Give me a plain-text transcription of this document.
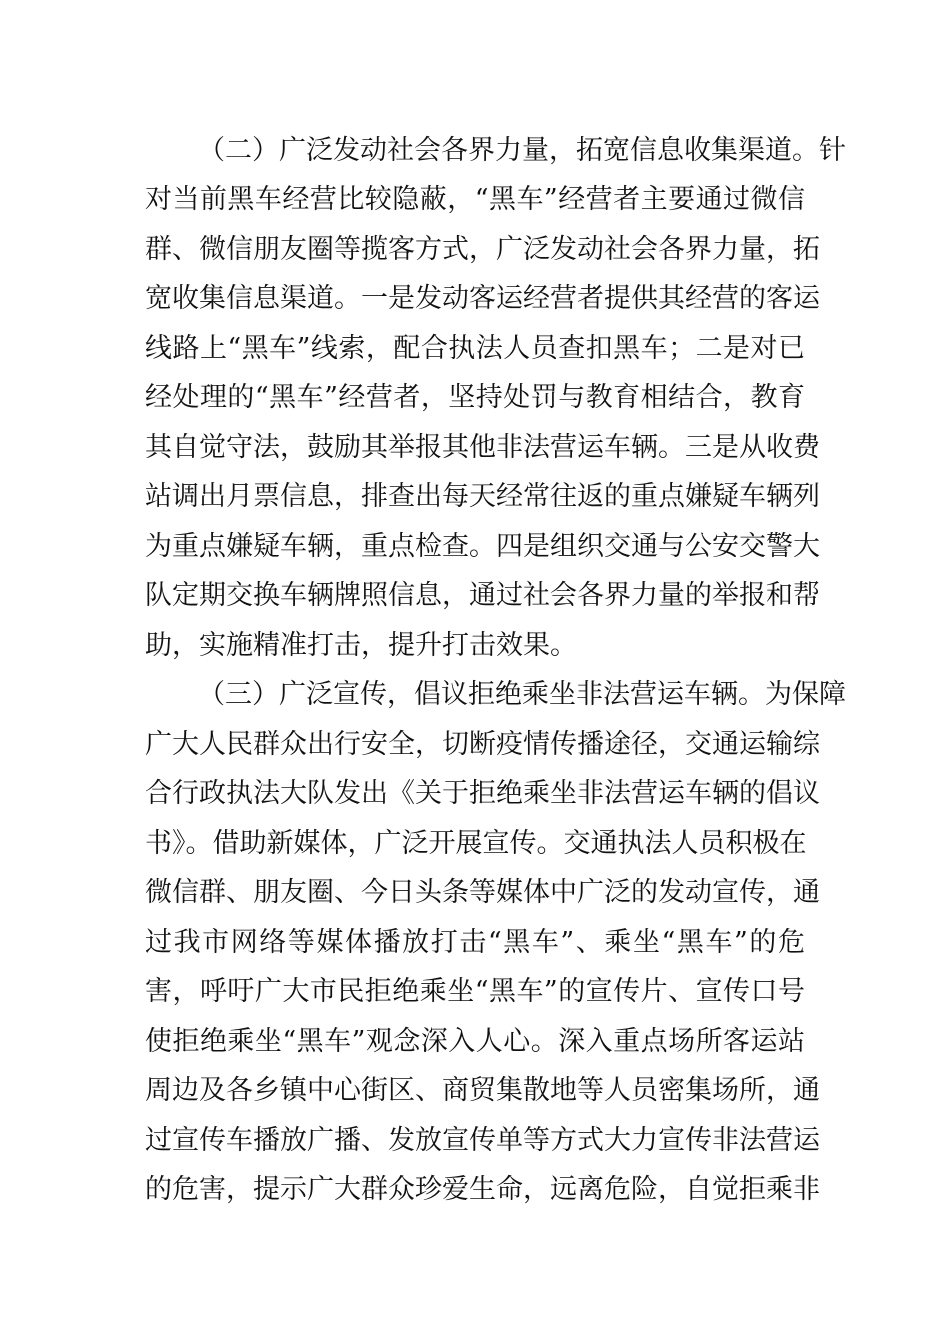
（二）广泛发动社会各界力量，拓宽信息收集渠道。针
对当前黑车经营比较隐蔽，“黑车”经营者主要通过微信
群、微信朋友圈等揽客方式，广泛发动社会各界力量，拓
宽收集信息渠道。一是发动客运经营者提供其经营的客运
线路上“黑车”线索，配合执法人员查扣黑车；二是对已
经处理的“黑车”经营者，坚持处罚与教育相结合，教育
其自觉守法，鼓励其举报其他非法营运车辆。三是从收费
站调出月票信息，排查出每天经常往返的重点嫌疑车辆列
为重点嫌疑车辆，重点检查。四是组织交通与公安交警大
队定期交换车辆牌照信息，通过社会各界力量的举报和帮
助，实施精准打击，提升打击效果。
（三）广泛宣传，倡议拒绝乘坐非法营运车辆。为保障
广大人民群众出行安全，切断疫情传播途径，交通运输综
合行政执法大队发出《关于拒绝乘坐非法营运车辆的倡议
书》。借助新媒体，广泛开展宣传。交通执法人员积极在
微信群、朋友圈、今日头条等媒体中广泛的发动宣传，通
过我市网络等媒体播放打击“黑车”、乘坐“黑车”的危
害，呼吁广大市民拒绝乘坐“黑车”的宣传片、宣传口号
使拒绝乘坐“黑车”观念深入人心。深入重点场所客运站
周边及各乡镇中心街区、商贸集散地等人员密集场所，通
过宣传车播放广播、发放宣传单等方式大力宣传非法营运
的危害，提示广大群众珍爱生命，远离危险，自觉拒乘非
